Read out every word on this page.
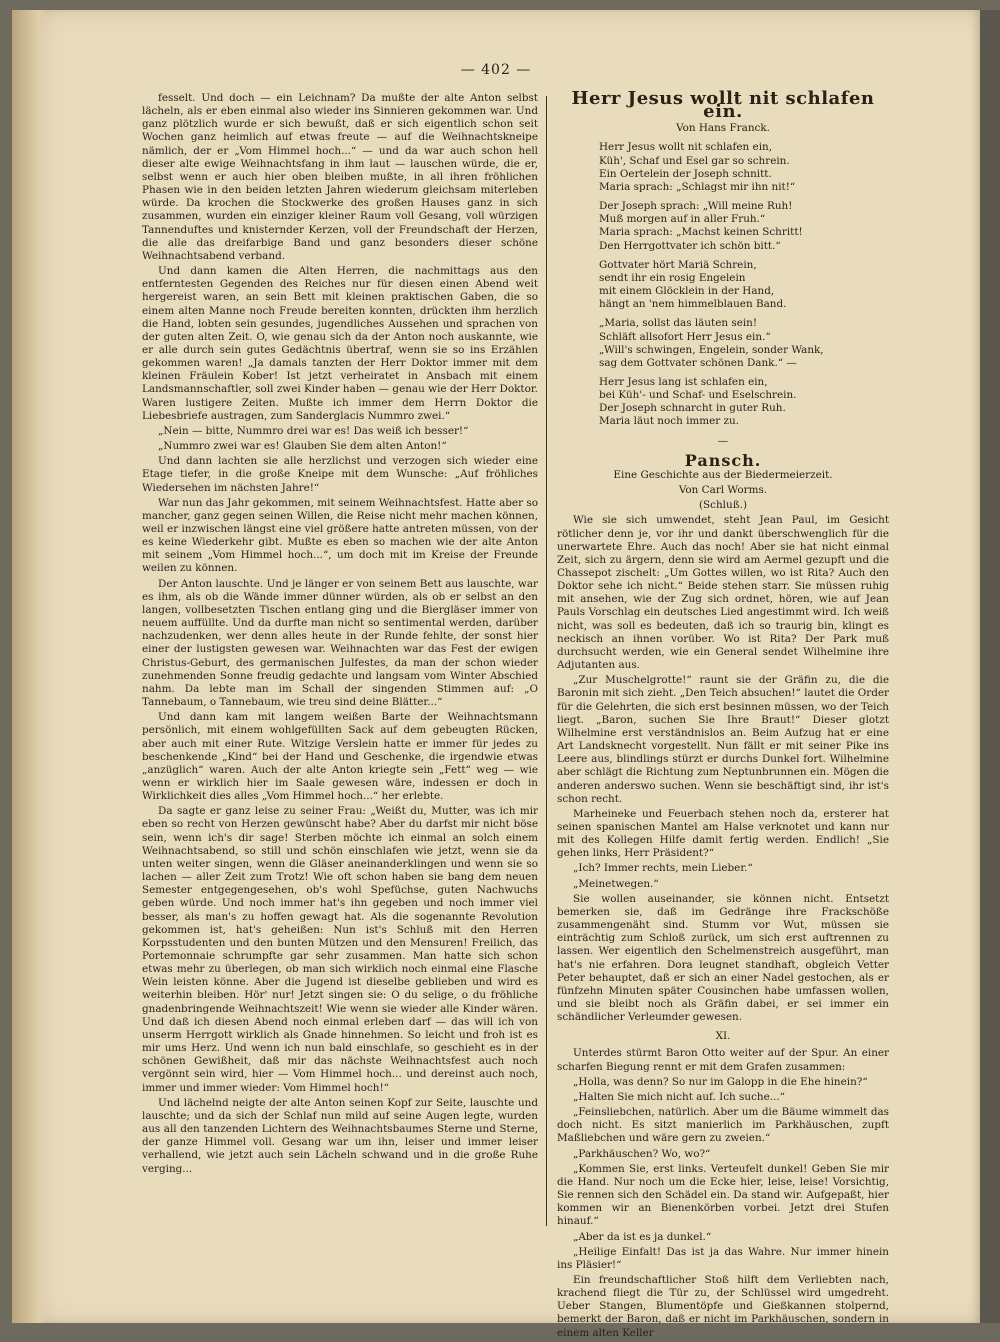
— 402 —

fesselt. Und doch — ein Leichnam? Da mußte der alte Anton selbst lächeln, als er eben einmal also wieder ins Sinnieren gekommen war. Und ganz plötzlich wurde er sich bewußt, daß er sich eigentlich schon seit Wochen ganz heimlich auf etwas freute — auf die Weihnachtskneipe nämlich, der er „Vom Himmel hoch...“ — und da war auch schon hell dieser alte ewige Weihnachtsfang in ihm laut — lauschen würde, die er, selbst wenn er auch hier oben bleiben mußte, in all ihren fröhlichen Phasen wie in den beiden letzten Jahren wiederum gleichsam miterleben würde. Da krochen die Stockwerke des großen Hauses ganz in sich zusammen, wurden ein einziger kleiner Raum voll Gesang, voll würzigen Tannenduftes und knisternder Kerzen, voll der Freundschaft der Herzen, die alle das dreifarbige Band und ganz besonders dieser schöne Weihnachtsabend verband.

Und dann kamen die Alten Herren, die nachmittags aus den entferntesten Gegenden des Reiches nur für diesen einen Abend weit hergereist waren, an sein Bett mit kleinen praktischen Gaben, die so einem alten Manne noch Freude bereiten konnten, drückten ihm herzlich die Hand, lobten sein gesundes, jugendliches Aussehen und sprachen von der guten alten Zeit. O, wie genau sich da der Anton noch auskannte, wie er alle durch sein gutes Gedächtnis übertraf, wenn sie so ins Erzählen gekommen waren! „Ja damals tanzten der Herr Doktor immer mit dem kleinen Fräulein Kober! Ist jetzt verheiratet in Ansbach mit einem Landsmannschaftler, soll zwei Kinder haben — genau wie der Herr Doktor. Waren lustigere Zeiten. Mußte ich immer dem Herrn Doktor die Liebesbriefe austragen, zum Sanderglacis Nummro zwei.“

„Nein — bitte, Nummro drei war es! Das weiß ich besser!“

„Nummro zwei war es! Glauben Sie dem alten Anton!“

Und dann lachten sie alle herzlichst und verzogen sich wieder eine Etage tiefer, in die große Kneipe mit dem Wunsche: „Auf fröhliches Wiedersehen im nächsten Jahre!“

War nun das Jahr gekommen, mit seinem Weihnachtsfest. Hatte aber so mancher, ganz gegen seinen Willen, die Reise nicht mehr machen können, weil er inzwischen längst eine viel größere hatte antreten müssen, von der es keine Wiederkehr gibt. Mußte es eben so machen wie der alte Anton mit seinem „Vom Himmel hoch...“, um doch mit im Kreise der Freunde weilen zu können.

Der Anton lauschte. Und je länger er von seinem Bett aus lauschte, war es ihm, als ob die Wände immer dünner würden, als ob er selbst an den langen, vollbesetzten Tischen entlang ging und die Biergläser immer von neuem auffüllte. Und da durfte man nicht so sentimental werden, darüber nachzudenken, wer denn alles heute in der Runde fehlte, der sonst hier einer der lustigsten gewesen war. Weihnachten war das Fest der ewigen Christus-Geburt, des germanischen Julfestes, da man der schon wieder zunehmenden Sonne freudig gedachte und langsam vom Winter Abschied nahm. Da lebte man im Schall der singenden Stimmen auf: „O Tannebaum, o Tannebaum, wie treu sind deine Blätter...“

Und dann kam mit langem weißen Barte der Weihnachtsmann persönlich, mit einem wohlgefüllten Sack auf dem gebeugten Rücken, aber auch mit einer Rute. Witzige Verslein hatte er immer für jedes zu beschenkende „Kind“ bei der Hand und Geschenke, die irgendwie etwas „anzüglich“ waren. Auch der alte Anton kriegte sein „Fett“ weg — wie wenn er wirklich hier im Saale gewesen wäre, indessen er doch in Wirklichkeit dies alles „Vom Himmel hoch...“ her erlebte.

Da sagte er ganz leise zu seiner Frau: „Weißt du, Mutter, was ich mir eben so recht von Herzen gewünscht habe? Aber du darfst mir nicht böse sein, wenn ich's dir sage! Sterben möchte ich einmal an solch einem Weihnachtsabend, so still und schön einschlafen wie jetzt, wenn sie da unten weiter singen, wenn die Gläser aneinanderklingen und wenn sie so lachen — aller Zeit zum Trotz! Wie oft schon haben sie bang dem neuen Semester entgegengesehen, ob's wohl Spefüchse, guten Nachwuchs geben würde. Und noch immer hat's ihn gegeben und noch immer viel besser, als man's zu hoffen gewagt hat. Als die sogenannte Revolution gekommen ist, hat's geheißen: Nun ist's Schluß mit den Herren Korpsstudenten und den bunten Mützen und den Mensuren! Freilich, das Portemonnaie schrumpfte gar sehr zusammen. Man hatte sich schon etwas mehr zu überlegen, ob man sich wirklich noch einmal eine Flasche Wein leisten könne. Aber die Jugend ist dieselbe geblieben und wird es weiterhin bleiben. Hör' nur! Jetzt singen sie: O du selige, o du fröhliche gnadenbringende Weihnachtszeit! Wie wenn sie wieder alle Kinder wären. Und daß ich diesen Abend noch einmal erleben darf — das will ich von unserm Herrgott wirklich als Gnade hinnehmen. So leicht und froh ist es mir ums Herz. Und wenn ich nun bald einschlafe, so geschieht es in der schönen Gewißheit, daß mir das nächste Weihnachtsfest auch noch vergönnt sein wird, hier — Vom Himmel hoch... und dereinst auch noch, immer und immer wieder: Vom Himmel hoch!“

Und lächelnd neigte der alte Anton seinen Kopf zur Seite, lauschte und lauschte; und da sich der Schlaf nun mild auf seine Augen legte, wurden aus all den tanzenden Lichtern des Weihnachtsbaumes Sterne und Sterne, der ganze Himmel voll. Gesang war um ihn, leiser und immer leiser verhallend, wie jetzt auch sein Lächeln schwand und in die große Ruhe verging...

Herr Jesus wollt nit schlafen ein.
Von Hans Franck.
Herr Jesus wollt nit schlafen ein,
Küh', Schaf und Esel gar so schrein.
Ein Oertelein der Joseph schnitt.
Maria sprach: „Schlagst mir ihn nit!“
Der Joseph sprach: „Will meine Ruh!
Muß morgen auf in aller Fruh.“
Maria sprach: „Machst keinen Schritt!
Den Herrgottvater ich schön bitt.“
Gottvater hört Mariä Schrein,
sendt ihr ein rosig Engelein
mit einem Glöcklein in der Hand,
hängt an 'nem himmelblauen Band.
„Maria, sollst das läuten sein!
Schläft allsofort Herr Jesus ein.“
„Will's schwingen, Engelein, sonder Wank,
sag dem Gottvater schönen Dank.“ —
Herr Jesus lang ist schlafen ein,
bei Küh'- und Schaf- und Eselschrein.
Der Joseph schnarcht in guter Ruh.
Maria läut noch immer zu.
—
Pansch.
Eine Geschichte aus der Biedermeierzeit.
Von Carl Worms.
(Schluß.)

Wie sie sich umwendet, steht Jean Paul, im Gesicht rötlicher denn je, vor ihr und dankt überschwenglich für die unerwartete Ehre. Auch das noch! Aber sie hat nicht einmal Zeit, sich zu ärgern, denn sie wird am Aermel gezupft und die Chassepot zischelt: „Um Gottes willen, wo ist Rita? Auch den Doktor sehe ich nicht.“ Beide stehen starr. Sie müssen ruhig mit ansehen, wie der Zug sich ordnet, hören, wie auf Jean Pauls Vorschlag ein deutsches Lied angestimmt wird. Ich weiß nicht, was soll es bedeuten, daß ich so traurig bin, klingt es neckisch an ihnen vorüber. Wo ist Rita? Der Park muß durchsucht werden, wie ein General sendet Wilhelmine ihre Adjutanten aus.

„Zur Muschelgrotte!“ raunt sie der Gräfin zu, die die Baronin mit sich zieht. „Den Teich absuchen!“ lautet die Order für die Gelehrten, die sich erst besinnen müssen, wo der Teich liegt. „Baron, suchen Sie Ihre Braut!“ Dieser glotzt Wilhelmine erst verständnislos an. Beim Aufzug hat er eine Art Landsknecht vorgestellt. Nun fällt er mit seiner Pike ins Leere aus, blindlings stürzt er durchs Dunkel fort. Wilhelmine aber schlägt die Richtung zum Neptunbrunnen ein. Mögen die anderen anderswo suchen. Wenn sie beschäftigt sind, ihr ist's schon recht.

Marheineke und Feuerbach stehen noch da, ersterer hat seinen spanischen Mantel am Halse verknotet und kann nur mit des Kollegen Hilfe damit fertig werden. Endlich! „Sie gehen links, Herr Präsident?“

„Ich? Immer rechts, mein Lieber.“

„Meinetwegen.“

Sie wollen auseinander, sie können nicht. Entsetzt bemerken sie, daß im Gedränge ihre Frackschöße zusammengenäht sind. Stumm vor Wut, müssen sie einträchtig zum Schloß zurück, um sich erst auftrennen zu lassen. Wer eigentlich den Schelmenstreich ausgeführt, man hat's nie erfahren. Dora leugnet standhaft, obgleich Vetter Peter behauptet, daß er sich an einer Nadel gestochen, als er fünfzehn Minuten später Cousinchen habe umfassen wollen, und sie bleibt noch als Gräfin dabei, er sei immer ein schändlicher Verleumder gewesen.

XI.

Unterdes stürmt Baron Otto weiter auf der Spur. An einer scharfen Biegung rennt er mit dem Grafen zusammen:

„Holla, was denn? So nur im Galopp in die Ehe hinein?“

„Halten Sie mich nicht auf. Ich suche...“

„Feinsliebchen, natürlich. Aber um die Bäume wimmelt das doch nicht. Es sitzt manierlich im Parkhäuschen, zupft Maßliebchen und wäre gern zu zweien.“

„Parkhäuschen? Wo, wo?“

„Kommen Sie, erst links. Verteufelt dunkel! Geben Sie mir die Hand. Nur noch um die Ecke hier, leise, leise! Vorsichtig, Sie rennen sich den Schädel ein. Da stand wir. Aufgepaßt, hier kommen wir an Bienenkörben vorbei. Jetzt drei Stufen hinauf.“

„Aber da ist es ja dunkel.“

„Heilige Einfalt! Das ist ja das Wahre. Nur immer hinein ins Pläsier!“

Ein freundschaftlicher Stoß hilft dem Verliebten nach, krachend fliegt die Tür zu, der Schlüssel wird umgedreht. Ueber Stangen, Blumentöpfe und Gießkannen stolpernd, bemerkt der Baron, daß er nicht im Parkhäuschen, sondern in einem alten Keller
